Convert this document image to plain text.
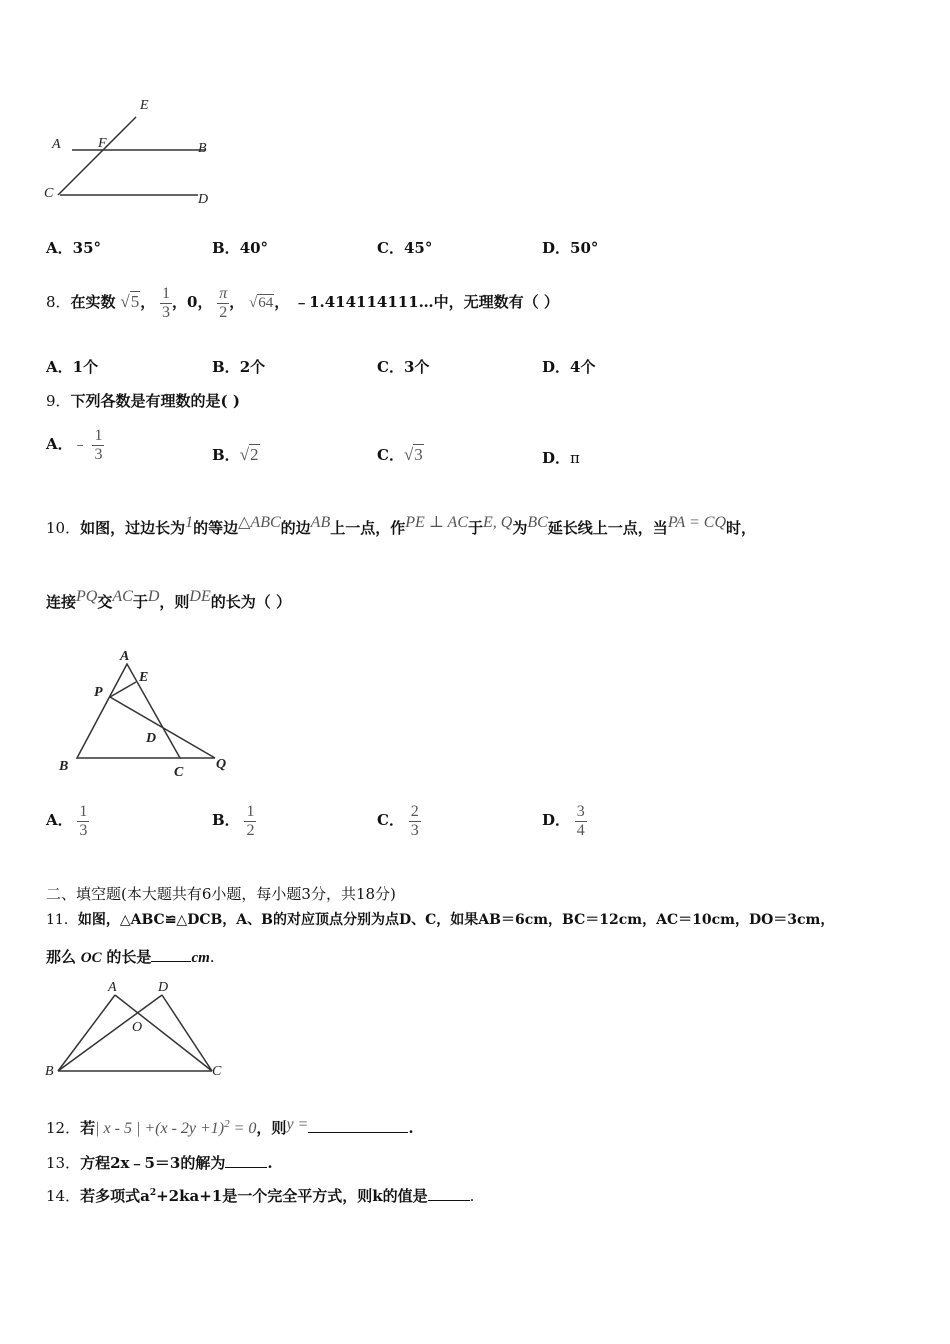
A	F	B
C	D
E
A．35°	B．40°	C．45°	D．50°
8．在实数 √5， $\frac{1}{3}$ ，0， $\frac{\pi}{2}$ ， √64， ﹣1.414114111…中，无理数有（ ）
A．1个	B．2个	C．3个	D．4个
9．下列各数是有理数的是( )
A．﹣ $\frac{1}{3}$	B．√2	C．√3	D．π
10．如图，过边长为1的等边△ABC的边AB上一点，作PE ⊥ AC于E, Q为BC延长线上一点，当PA = CQ时，
连接PQ交AC于D，则DE的长为（ ）
A
E
P
D
B	C
Q
A． $\frac{1}{3}$	B． $\frac{1}{2}$	C． $\frac{2}{3}$	D． $\frac{3}{4}$
二、填空题(本大题共有6小题，每小题3分，共18分)
11．如图，△ABC≌△DCB，A、B的对应顶点分别为点D、C，如果AB＝6cm，BC＝12cm，AC＝10cm，DO＝3cm，
那么 OC 的长是	cm.
A	D
O
B	C
12．若| x - 5 | $+(x - 2y +1)^2 = 0$，则y =	.
13．方程2x﹣5＝3的解为	.
14．若多项式$a^2+2ka+1$是一个完全平方式，则k的值是	.
